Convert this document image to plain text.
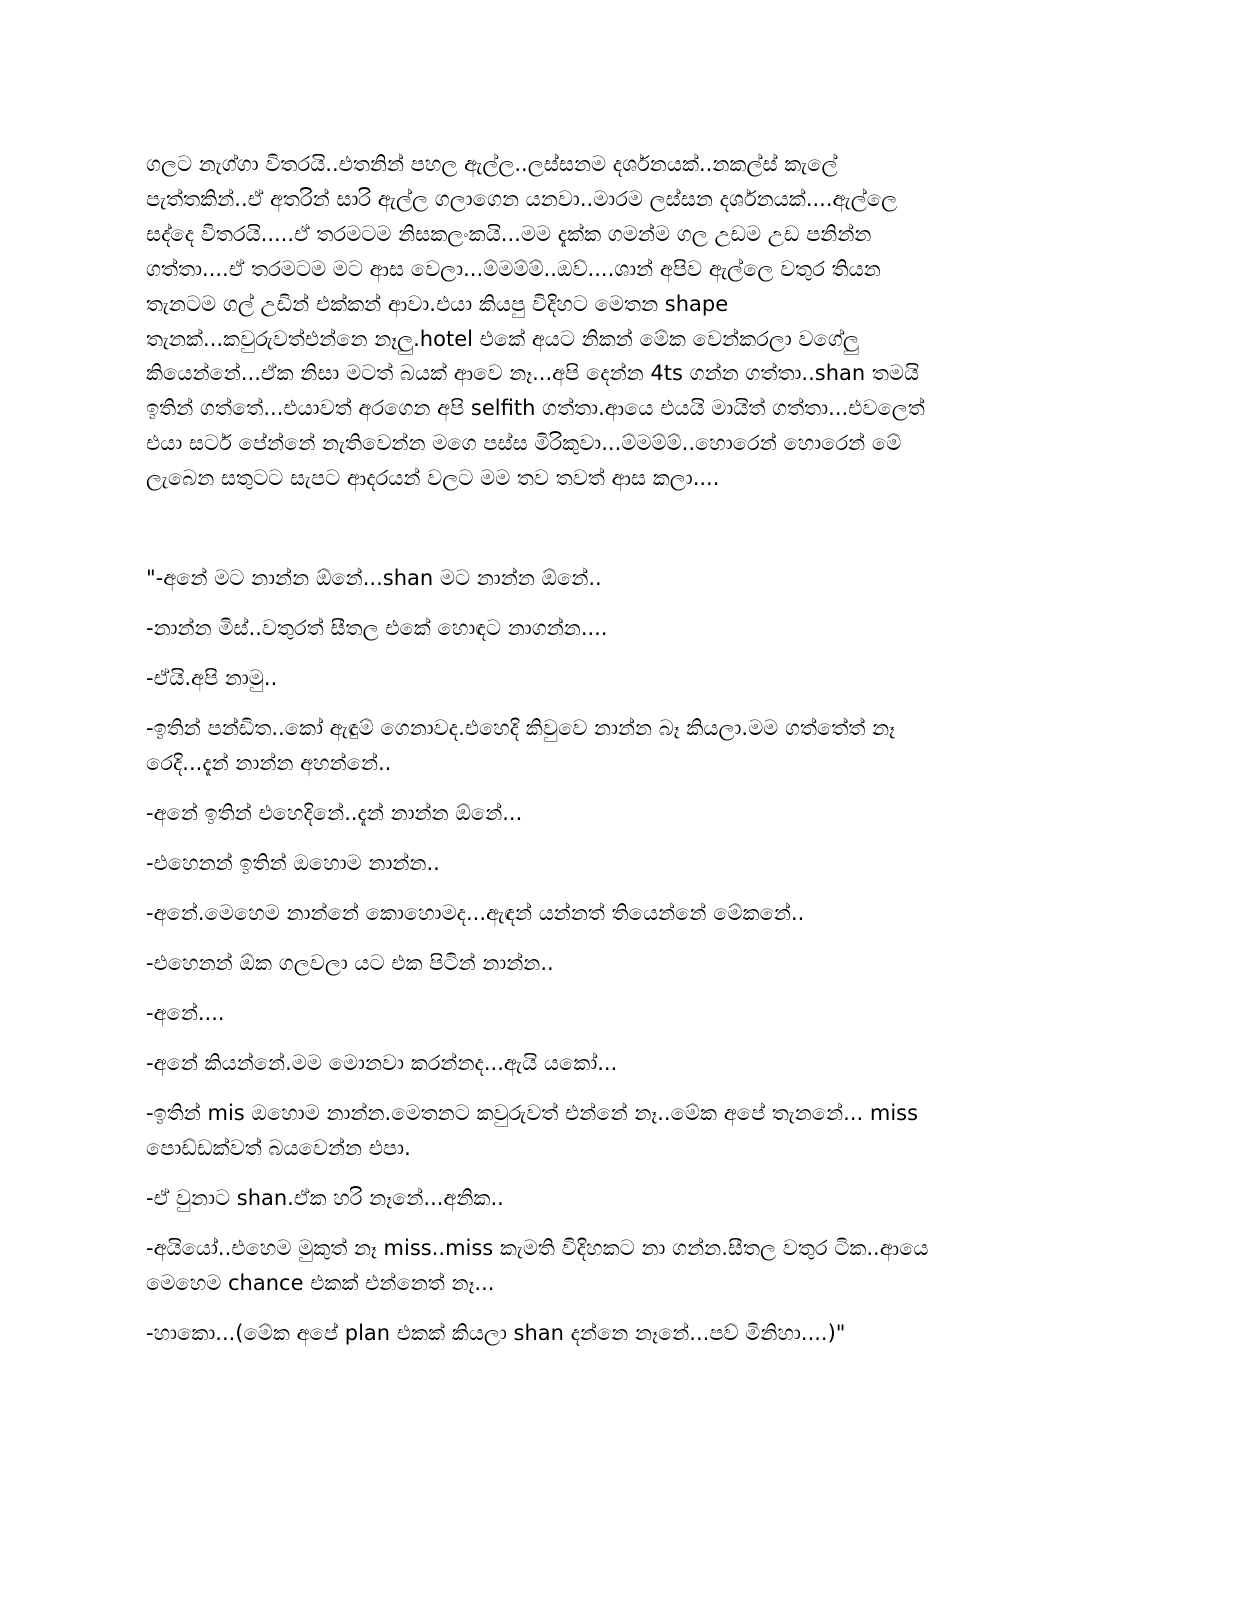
ගලට නැග්ගා විතරයි..එතනින් පහල ඇල්ල..ලස්සනම දර්ශනයක්..නකල්ස් කැලේ
පැත්තකින්..ඒ අතරින් සාරි ඇල්ල ගලාගෙන යනවා..මාරම ලස්සන දර්ශනයක්....ඇල්ලෙ
සද්දෙ විතරයි.....ඒ තරමටම නිසකලංකයි...මම දැක්ක ගමන්ම ගල උඩම උඩ පනින්න
ගත්තා....ඒ තරමටම මට ආස වෙලා...ම්මම්ම්..ඔව්....ශාන් අපිව ඇල්ලෙ වතුර තියන
තැනටම ගල් උඩින් එක්කන් ආවා.එයා කියපු විදිහට මෙතන shape
තැනක්...කවුරුවත්එන්නෙ නෑලු.hotel එකේ අයට නිකන් මේක වෙන්කරලා වගේලු
කියෙන්නේ...ඒක නිසා මටත් බයක් ආවෙ නෑ...අපි දෙන්න 4ts ගන්න ගත්තා..shan තමයි
ඉතින් ගත්තේ...එයාවත් අරගෙන අපි selfith ගත්තා.ආයෙ එයයි මායිත් ගත්තා...එවලෙත්
එයා සර්ට පේන්නේ නැතිවෙන්න මගෙ පස්ස මිරිකුවා...ම්මම්ම්..හොරෙන් හොරෙන් මේ
ලැබෙන සතුටට සැපට ආදරයන් වලට මම තව තවත් ආස කලා....
"-අනේ මට නාන්න ඕනේ...shan මට නාන්න ඕනේ..
-නාන්න මිස්..වතුරත් සීතල එකේ හොඳට නාගන්න....
-ඒයි.අපි නාමු..
-ඉතින් පන්ඩිත..කෝ ඇඳුම් ගෙනාවද.එහෙදි කිවුවෙ නාන්න බෑ කියලා.මම ගත්තේත් නෑ
රෙදි...දැන් නාන්න අහන්නේ..
-අනේ ඉතින් එහෙදිනේ..දැන් නාන්න ඕනේ...
-එහෙනන් ඉතින් ඔහොම නාන්න..
-අනේ.මෙහෙම නාන්නේ කොහොමද...ඇඳන් යන්නත් තියෙන්නේ මේකනේ..
-එහෙනන් ඕක ගලවලා යට එක පිටින් නාන්න..
-අනේ....
-අනේ කියන්නේ.මම මොනවා කරන්නද...ඇයි යකෝ...
-ඉතින් mis ඔහොම නාන්න.මෙතනට කවුරුවත් එන්නේ නෑ..මේක අපේ තැනනේ... miss
පොඩ්ඩක්වත් බයවෙන්න එපා.
-ඒ වුනාට shan.ඒක හරි නෑනේ...අනික..
-අයියෝ..එහෙම මුකුත් නෑ miss..miss කැමති විදිහකට නා ගන්න.සීතල වතුර ටික..ආයෙ
මෙහෙම chance එකක් එන්නෙත් නෑ...
-හාකො...(මේක අපේ plan එකක් කියලා shan දන්නෙ නෑනේ...පව් මිනිහා....)"
